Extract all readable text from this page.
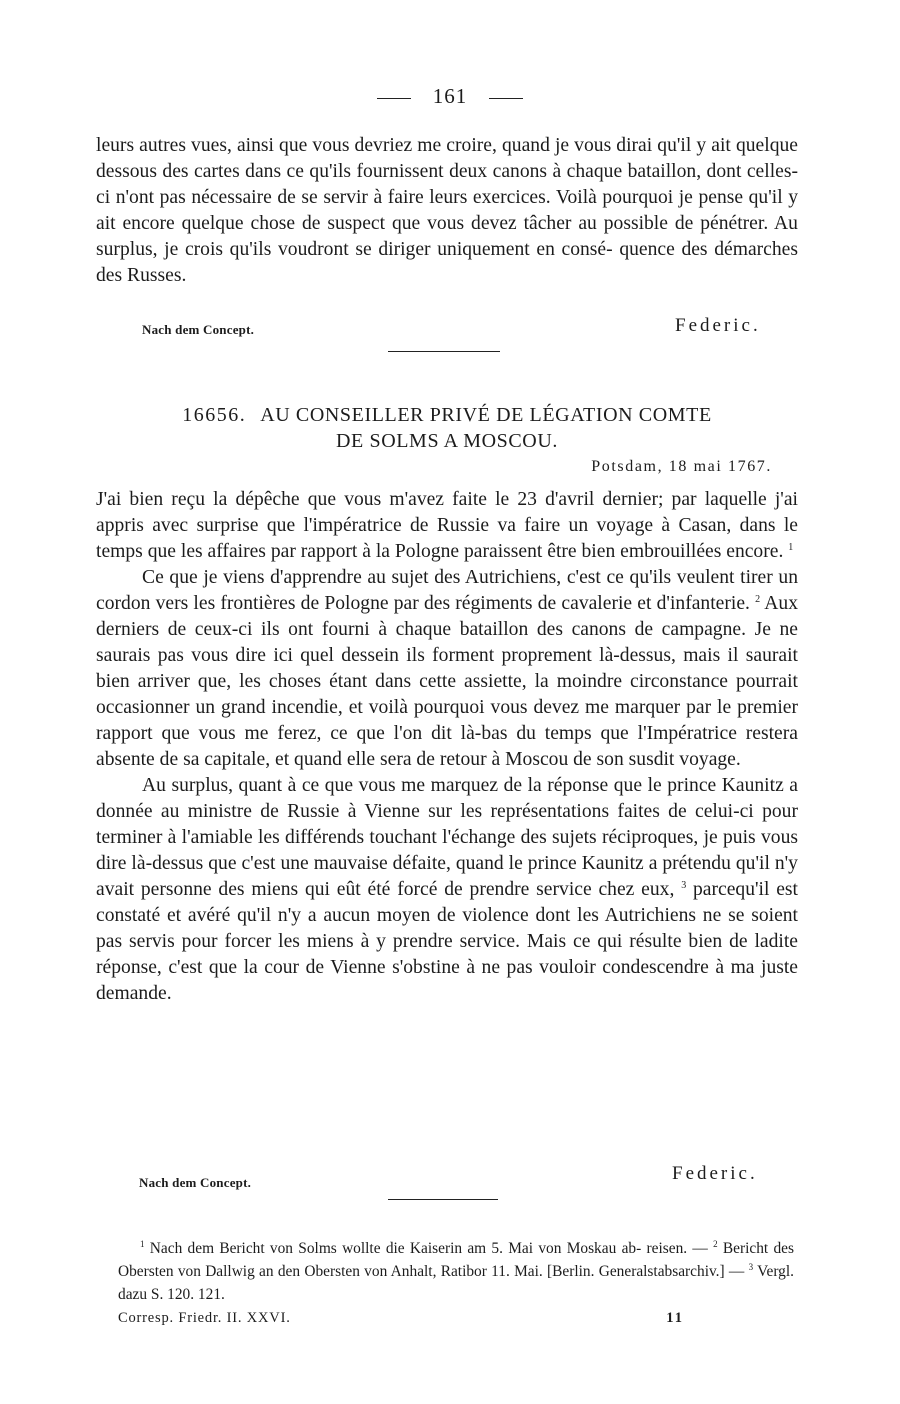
161

leurs autres vues, ainsi que vous devriez me croire, quand je vous dirai qu'il y ait quelque dessous des cartes dans ce qu'ils fournissent deux canons à chaque bataillon, dont celles-ci n'ont pas nécessaire de se servir à faire leurs exercices. Voilà pourquoi je pense qu'il y ait encore quelque chose de suspect que vous devez tâcher au possible de pénétrer. Au surplus, je crois qu'ils voudront se diriger uniquement en consé- quence des démarches des Russes.

Nach dem Concept.	Federic.
16656. AU CONSEILLER PRIVÉ DE LÉGATION COMTE
DE SOLMS A MOSCOU.
Potsdam, 18 mai 1767.

J'ai bien reçu la dépêche que vous m'avez faite le 23 d'avril dernier; par laquelle j'ai appris avec surprise que l'impératrice de Russie va faire un voyage à Casan, dans le temps que les affaires par rapport à la Pologne paraissent être bien embrouillées encore. $^1$

Ce que je viens d'apprendre au sujet des Autrichiens, c'est ce qu'ils veulent tirer un cordon vers les frontières de Pologne par des régiments de cavalerie et d'infanterie. $^2$ Aux derniers de ceux-ci ils ont fourni à chaque bataillon des canons de campagne. Je ne saurais pas vous dire ici quel dessein ils forment proprement là-dessus, mais il saurait bien arriver que, les choses étant dans cette assiette, la moindre circonstance pourrait occasionner un grand incendie, et voilà pourquoi vous devez me marquer par le premier rapport que vous me ferez, ce que l'on dit là-bas du temps que l'Impératrice restera absente de sa capitale, et quand elle sera de retour à Moscou de son susdit voyage.

Au surplus, quant à ce que vous me marquez de la réponse que le prince Kaunitz a donnée au ministre de Russie à Vienne sur les représentations faites de celui-ci pour terminer à l'amiable les différends touchant l'échange des sujets réciproques, je puis vous dire là-dessus que c'est une mauvaise défaite, quand le prince Kaunitz a prétendu qu'il n'y avait personne des miens qui eût été forcé de prendre service chez eux, $^3$ parcequ'il est constaté et avéré qu'il n'y a aucun moyen de violence dont les Autrichiens ne se soient pas servis pour forcer les miens à y prendre service. Mais ce qui résulte bien de ladite réponse, c'est que la cour de Vienne s'obstine à ne pas vouloir condescendre à ma juste demande.

Nach dem Concept.	Federic.

$^1$ Nach dem Bericht von Solms wollte die Kaiserin am 5. Mai von Moskau ab- reisen. — $^2$ Bericht des Obersten von Dallwig an den Obersten von Anhalt, Ratibor 11. Mai. [Berlin. Generalstabsarchiv.] — $^3$ Vergl. dazu S. 120. 121.

Corresp. Friedr. II. XXVI.	11
